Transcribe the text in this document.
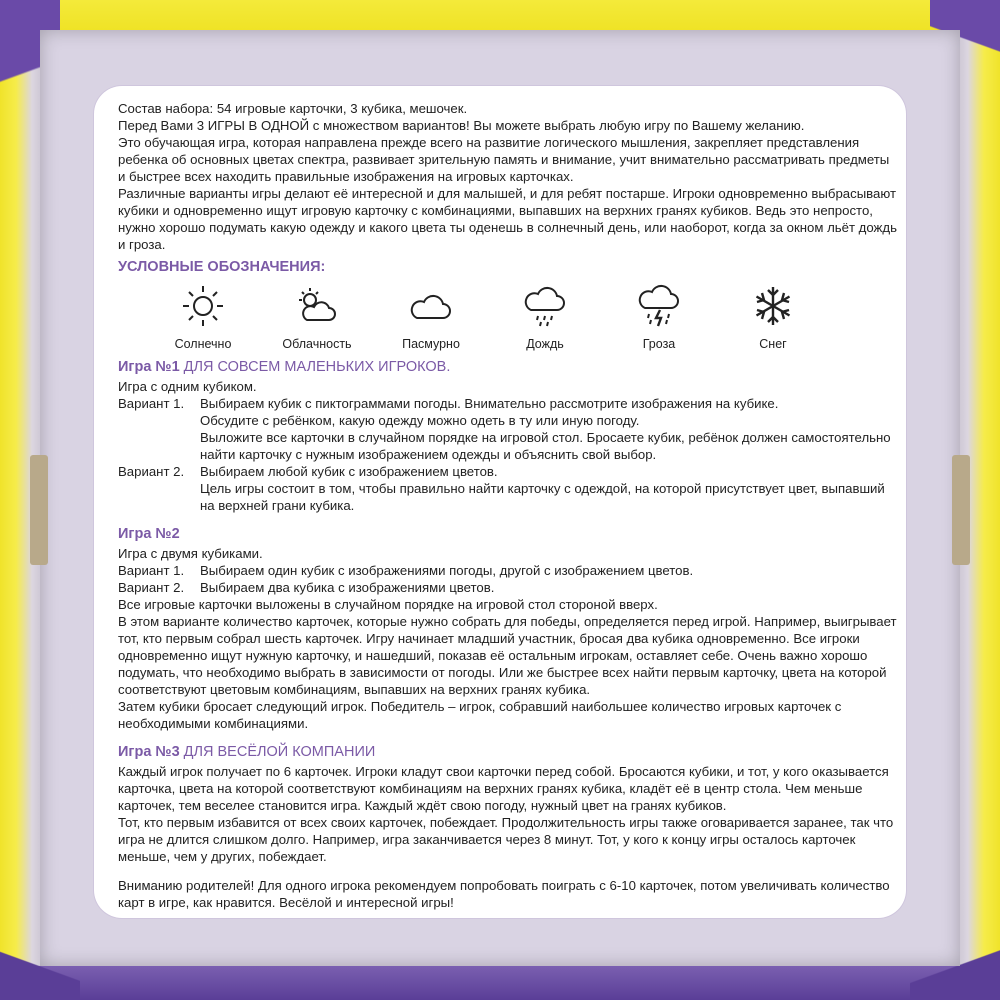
Состав набора: 54 игровые карточки, 3 кубика, мешочек.

Перед Вами 3 ИГРЫ В ОДНОЙ с множеством вариантов! Вы можете выбрать любую игру по Вашему желанию.

Это обучающая игра, которая направлена прежде всего на развитие логического мышления, закрепляет представления ребенка об основных цветах спектра, развивает зрительную память и внимание, учит внимательно рассматривать предметы и быстрее всех находить правильные изображения на игровых карточках.

Различные варианты игры делают её интересной и для малышей, и для ребят постарше. Игроки одновременно выбрасывают кубики и одновременно ищут игровую карточку с комбинациями, выпавших на верхних гранях кубиков. Ведь это непросто, нужно хорошо подумать какую одежду и какого цвета ты оденешь в солнечный день, или наоборот, когда за окном льёт дождь и гроза.

УСЛОВНЫЕ ОБОЗНАЧЕНИЯ:
Солнечно	Облачность	Пасмурно	Дождь	Гроза	Снег
Игра №1 ДЛЯ СОВСЕМ МАЛЕНЬКИХ ИГРОКОВ.

Игра с одним кубиком.

Вариант 1.	Выбираем кубик с пиктограммами погоды. Внимательно рассмотрите изображения на кубике.

Обсудите с ребёнком, какую одежду можно одеть в ту или иную погоду.

Выложите все карточки в случайном порядке на игровой стол. Бросаете кубик, ребёнок должен самостоятельно найти карточку с нужным изображением одежды и объяснить свой выбор.

Вариант 2.	Выбираем любой кубик с изображением цветов.

Цель игры состоит в том, чтобы правильно найти карточку с одеждой, на которой присутствует цвет, выпавший на верхней грани кубика.

Игра №2

Игра с двумя кубиками.

Вариант 1.	Выбираем один кубик с изображениями погоды, другой с изображением цветов.
Вариант 2.	Выбираем два кубика с изображениями цветов.

Все игровые карточки выложены в случайном порядке на игровой стол стороной вверх.

В этом варианте количество карточек, которые нужно собрать для победы, определяется перед игрой. Например, выигрывает тот, кто первым собрал шесть карточек. Игру начинает младший участник, бросая два кубика одновременно. Все игроки одновременно ищут нужную карточку, и нашедший, показав её остальным игрокам, оставляет себе. Очень важно хорошо подумать, что необходимо выбрать в зависимости от погоды. Или же быстрее всех найти первым карточку, цвета на которой соответствуют цветовым комбинациям, выпавших на верхних гранях кубика.

Затем кубики бросает следующий игрок. Победитель – игрок, собравший наибольшее количество игровых карточек с необходимыми комбинациями.

Игра №3 ДЛЯ ВЕСЁЛОЙ КОМПАНИИ

Каждый игрок получает по 6 карточек. Игроки кладут свои карточки перед собой. Бросаются кубики, и тот, у кого оказывается карточка, цвета на которой соответствуют комбинациям на верхних гранях кубика, кладёт её в центр стола. Чем меньше карточек, тем веселее становится игра. Каждый ждёт свою погоду, нужный цвет на гранях кубиков.

Тот, кто первым избавится от всех своих карточек, побеждает. Продолжительность игры также оговаривается заранее, так что игра не длится слишком долго. Например, игра заканчивается через 8 минут. Тот, у кого к концу игры осталось карточек меньше, чем у других, побеждает.

Вниманию родителей! Для одного игрока рекомендуем попробовать поиграть с 6-10 карточек, потом увеличивать количество карт в игре, как нравится. Весёлой и интересной игры!
